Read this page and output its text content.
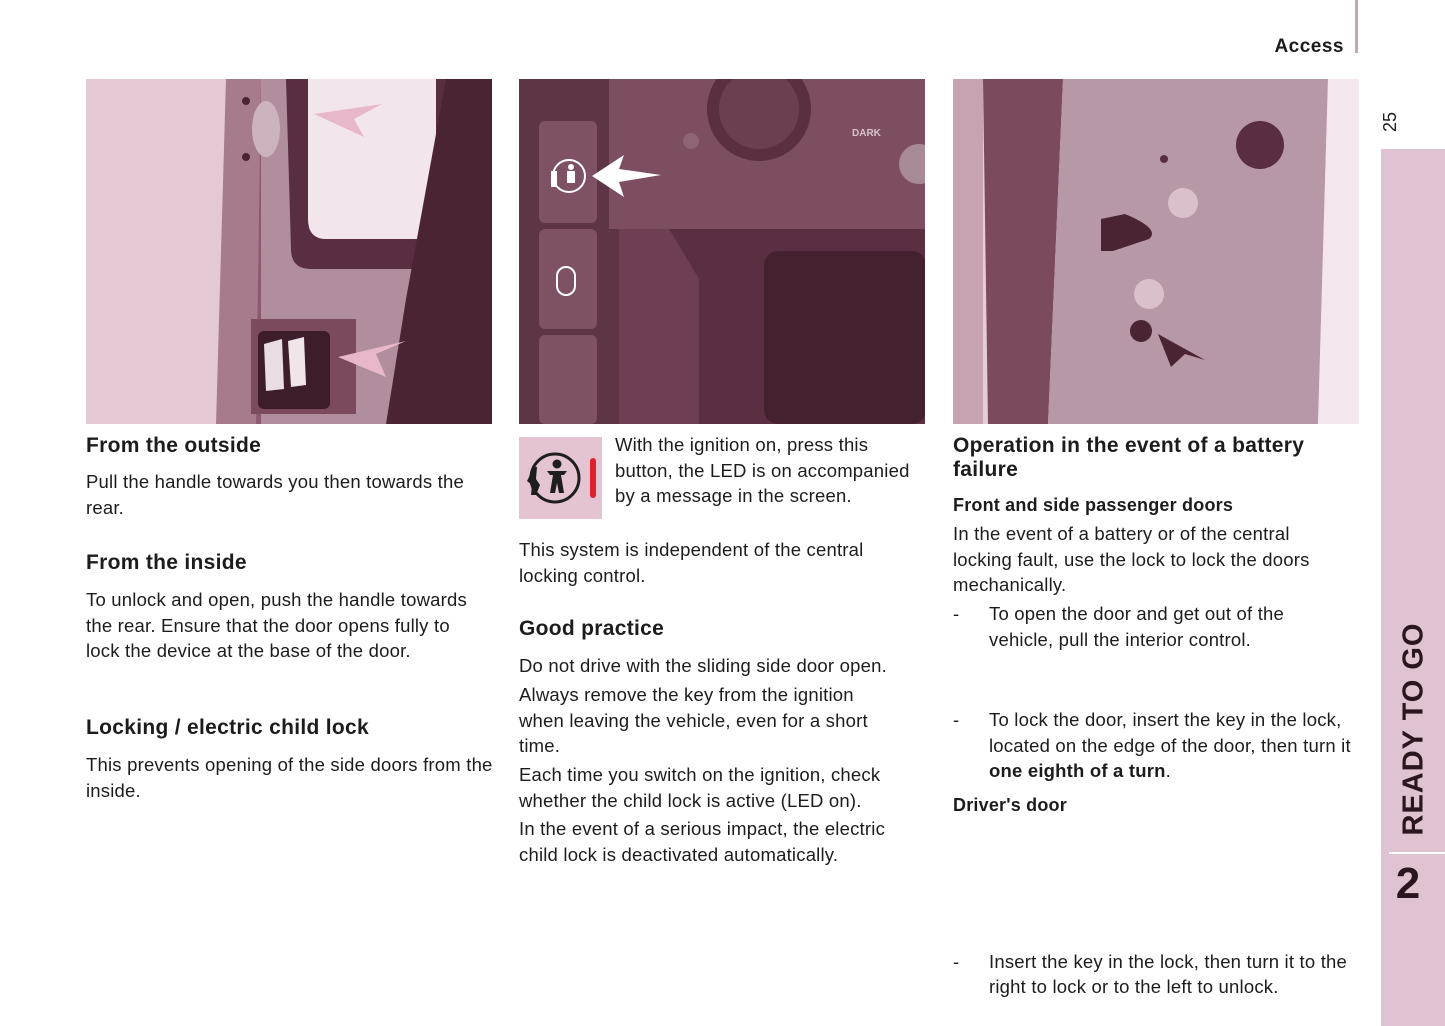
Access
25
READY TO GO
2
DARK
From the outside

Pull the handle towards you then towards the rear.

From the inside

To unlock and open, push the handle towards the rear. Ensure that the door opens fully to lock the device at the base of the door.

Locking / electric child lock

This prevents opening of the side doors from the inside.

With the ignition on, press this button, the LED is on accompanied by a message in the screen.

This system is independent of the central locking control.

Good practice

Do not drive with the sliding side door open.

Always remove the key from the ignition when leaving the vehicle, even for a short time.

Each time you switch on the ignition, check whether the child lock is active (LED on).

In the event of a serious impact, the electric child lock is deactivated automatically.

Operation in the event of a battery failure
Front and side passenger doors

In the event of a battery or of the central locking fault, use the lock to lock the doors mechanically.

- To open the door and get out of the vehicle, pull the interior control.
- To lock the door, insert the key in the lock, located on the edge of the door, then turn it one eighth of a turn.
Driver's door
- Insert the key in the lock, then turn it to the right to lock or to the left to unlock.
